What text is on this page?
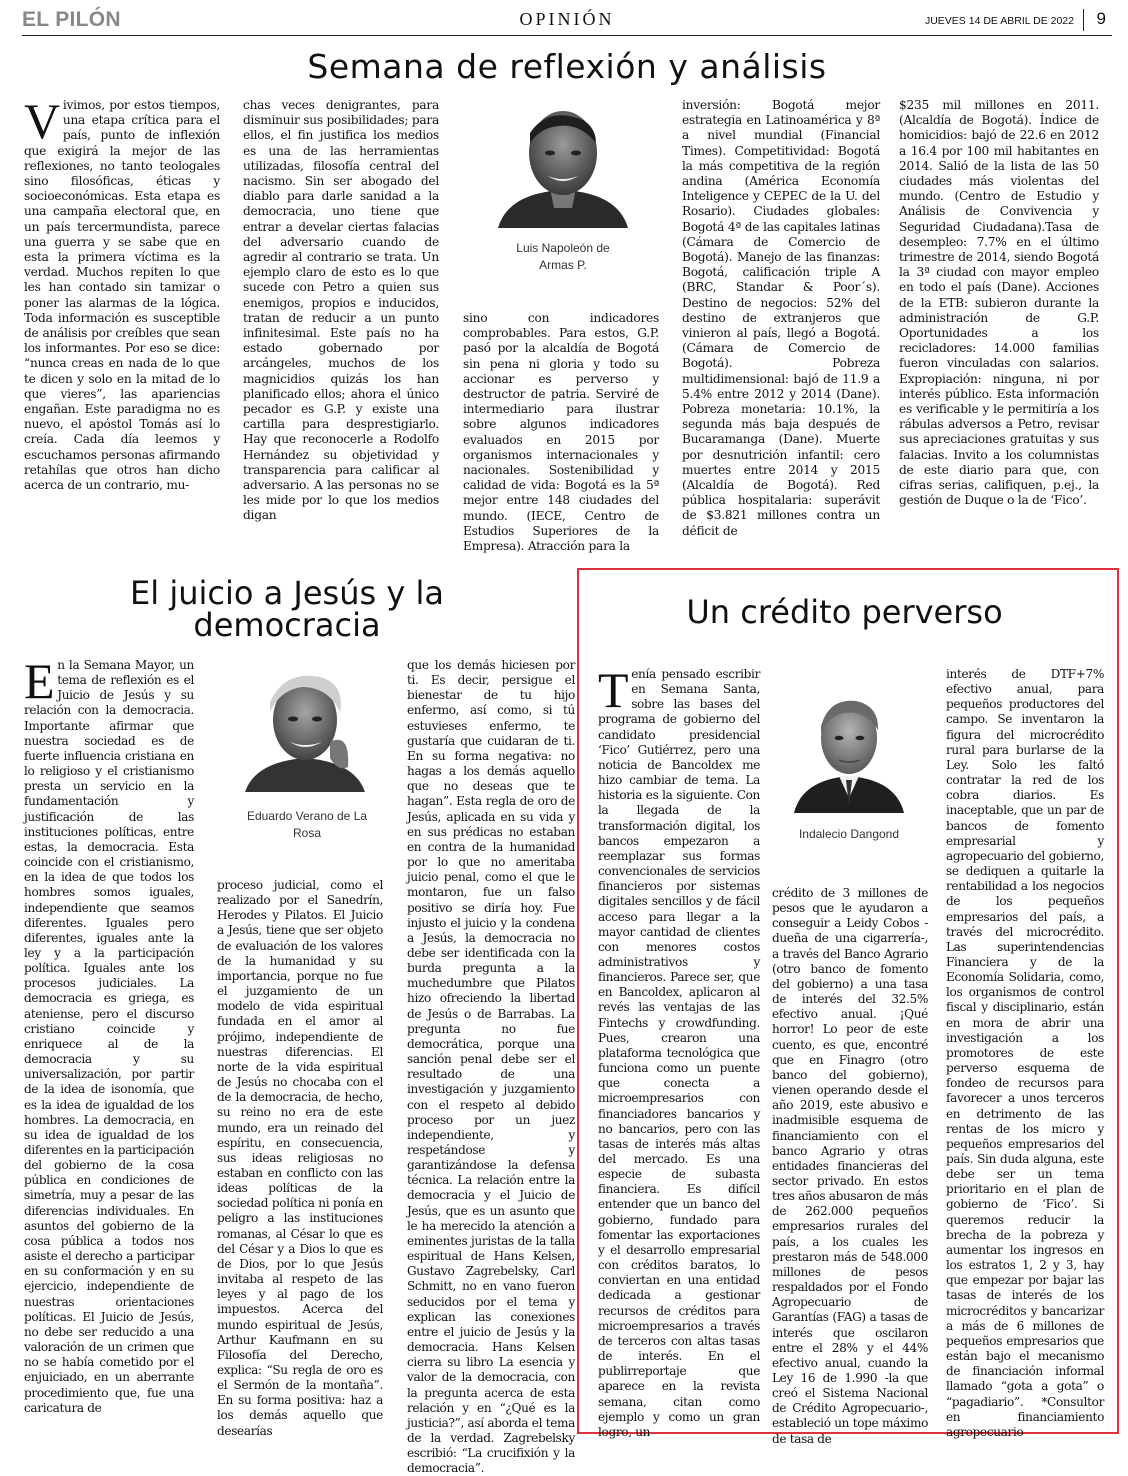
EL PILÓN	OPINIÓN	JUEVES 14 DE ABRIL DE 2022 9
Semana de reflexión y análisis
Vivimos, por estos tiempos, una etapa crítica para el país, punto de inflexión que exigirá la mejor de las reflexiones, no tanto teologales sino filosóficas, éticas y socioeconómicas. Esta etapa es una campaña electoral que, en un país tercermundista, parece una guerra y se sabe que en esta la primera víctima es la verdad. Muchos repiten lo que les han contado sin tamizar o poner las alarmas de la lógica. Toda información es susceptible de análisis por creíbles que sean los informantes. Por eso se dice: “nunca creas en nada de lo que te dicen y solo en la mitad de lo que vieres”, las apariencias engañan. Este paradigma no es nuevo, el apóstol Tomás así lo creía. Cada día leemos y escuchamos personas afirmando retahílas que otros han dicho acerca de un contrario, mu-
chas veces denigrantes, para disminuir sus posibilidades; para ellos, el fin justifica los medios es una de las herramientas utilizadas, filosofía central del nacismo. Sin ser abogado del diablo para darle sanidad a la democracia, uno tiene que entrar a develar ciertas falacias del adversario cuando de agredir al contrario se trata. Un ejemplo claro de esto es lo que sucede con Petro a quien sus enemigos, propios e inducidos, tratan de reducir a un punto infinitesimal. Este país no ha estado gobernado por arcángeles, muchos de los magnicidios quizás los han planificado ellos; ahora el único pecador es G.P. y existe una cartilla para desprestigiarlo. Hay que reconocerle a Rodolfo Hernández su objetividad y transparencia para calificar al adversario. A las personas no se les mide por lo que los medios digan
Luis Napoleón de
Armas P.
sino con indicadores comprobables. Para estos, G.P. pasó por la alcaldía de Bogotá sin pena ni gloria y todo su accionar es perverso y destructor de patria. Serviré de intermediario para ilustrar sobre algunos indicadores evaluados en 2015 por organismos internacionales y nacionales. Sostenibilidad y calidad de vida: Bogotá es la 5ª mejor entre 148 ciudades del mundo. (IECE, Centro de Estudios Superiores de la Empresa). Atracción para la
inversión: Bogotá mejor estrategia en Latinoamérica y 8ª a nivel mundial (Financial Times). Competitividad: Bogotá la más competitiva de la región andina (América Economía Inteligence y CEPEC de la U. del Rosario). Ciudades globales: Bogotá 4ª de las capitales latinas (Cámara de Comercio de Bogotá). Manejo de las finanzas: Bogotá, calificación triple A (BRC, Standar & Poor´s). Destino de negocios: 52% del destino de extranjeros que vinieron al país, llegó a Bogotá. (Cámara de Comercio de Bogotá). Pobreza multidimensional: bajó de 11.9 a 5.4% entre 2012 y 2014 (Dane). Pobreza monetaria: 10.1%, la segunda más baja después de Bucaramanga (Dane). Muerte por desnutrición infantil: cero muertes entre 2014 y 2015 (Alcaldía de Bogotá). Red pública hospitalaria: superávit de $3.821 millones contra un déficit de
$235 mil millones en 2011. (Alcaldía de Bogotá). Índice de homicidios: bajó de 22.6 en 2012 a 16.4 por 100 mil habitantes en 2014. Salió de la lista de las 50 ciudades más violentas del mundo. (Centro de Estudio y Análisis de Convivencia y Seguridad Ciudadana).Tasa de desempleo: 7.7% en el último trimestre de 2014, siendo Bogotá la 3ª ciudad con mayor empleo en todo el país (Dane). Acciones de la ETB: subieron durante la administración de G.P. Oportunidades a los recicladores: 14.000 familias fueron vinculadas con salarios. Expropiación: ninguna, ni por interés público. Esta información es verificable y le permitiría a los rábulas adversos a Petro, revisar sus apreciaciones gratuitas y sus falacias. Invito a los columnistas de este diario para que, con cifras serias, califiquen, p.ej., la gestión de Duque o la de ‘Fico’.
El juicio a Jesús y la
democracia
En la Semana Mayor, un tema de reflexión es el Juicio de Jesús y su relación con la democracia. Importante afirmar que nuestra sociedad es de fuerte influencia cristiana en lo religioso y el cristianismo presta un servicio en la fundamentación y justificación de las instituciones políticas, entre estas, la democracia. Esta coincide con el cristianismo, en la idea de que todos los hombres somos iguales, independiente que seamos diferentes. Iguales pero diferentes, iguales ante la ley y a la participación política. Iguales ante los procesos judiciales. La democracia es griega, es ateniense, pero el discurso cristiano coincide y enriquece al de la democracia y su universalización, por partir de la idea de isonomía, que es la idea de igualdad de los hombres. La democracia, en su idea de igualdad de los diferentes en la participación del gobierno de la cosa pública en condiciones de simetría, muy a pesar de las diferencias individuales. En asuntos del gobierno de la cosa pública a todos nos asiste el derecho a participar en su conformación y en su ejercicio, independiente de nuestras orientaciones políticas. El Juicio de Jesús, no debe ser reducido a una valoración de un crimen que no se había cometido por el enjuiciado, en un aberrante procedimiento que, fue una caricatura de
Eduardo Verano de La
Rosa
proceso judicial, como el realizado por el Sanedrín, Herodes y Pilatos. El Juicio a Jesús, tiene que ser objeto de evaluación de los valores de la humanidad y su importancia, porque no fue el juzgamiento de un modelo de vida espiritual fundada en el amor al prójimo, independiente de nuestras diferencias. El norte de la vida espiritual de Jesús no chocaba con el de la democracia, de hecho, su reino no era de este mundo, era un reinado del espíritu, en consecuencia, sus ideas religiosas no estaban en conflicto con las ideas políticas de la sociedad política ni ponía en peligro a las instituciones romanas, al César lo que es del César y a Dios lo que es de Dios, por lo que Jesús invitaba al respeto de las leyes y al pago de los impuestos. Acerca del mundo espiritual de Jesús, Arthur Kaufmann en su Filosofía del Derecho, explica: “Su regla de oro es el Sermón de la montaña”. En su forma positiva: haz a los demás aquello que desearías
que los demás hiciesen por ti. Es decir, persigue el bienestar de tu hijo enfermo, así como, si tú estuvieses enfermo, te gustaría que cuidaran de ti. En su forma negativa: no hagas a los demás aquello que no deseas que te hagan”. Esta regla de oro de Jesús, aplicada en su vida y en sus prédicas no estaban en contra de la humanidad por lo que no ameritaba juicio penal, como el que le montaron, fue un falso positivo se diría hoy. Fue injusto el juicio y la condena a Jesús, la democracia no debe ser identificada con la burda pregunta a la muchedumbre que Pilatos hizo ofreciendo la libertad de Jesús o de Barrabas. La pregunta no fue democrática, porque una sanción penal debe ser el resultado de una investigación y juzgamiento con el respeto al debido proceso por un juez independiente, y respetándose y garantizándose la defensa técnica. La relación entre la democracia y el Juicio de Jesús, que es un asunto que le ha merecido la atención a eminentes juristas de la talla espiritual de Hans Kelsen, Gustavo Zagrebelsky, Carl Schmitt, no en vano fueron seducidos por el tema y explican las conexiones entre el juicio de Jesús y la democracia. Hans Kelsen cierra su libro La esencia y valor de la democracia, con la pregunta acerca de esta relación y en “¿Qué es la justicia?”, así aborda el tema de la verdad. Zagrebelsky escribió: “La crucifixión y la democracia”.
Un crédito perverso
Tenía pensado escribir en Semana Santa, sobre las bases del programa de gobierno del candidato presidencial ‘Fico’ Gutiérrez, pero una noticia de Bancoldex me hizo cambiar de tema. La historia es la siguiente. Con la llegada de la transformación digital, los bancos empezaron a reemplazar sus formas convencionales de servicios financieros por sistemas digitales sencillos y de fácil acceso para llegar a la mayor cantidad de clientes con menores costos administrativos y financieros. Parece ser, que en Bancoldex, aplicaron al revés las ventajas de las Fintechs y crowdfunding. Pues, crearon una plataforma tecnológica que funciona como un puente que conecta a microempresarios con financiadores bancarios y no bancarios, pero con las tasas de interés más altas del mercado. Es una especie de subasta financiera. Es difícil entender que un banco del gobierno, fundado para fomentar las exportaciones y el desarrollo empresarial con créditos baratos, lo conviertan en una entidad dedicada a gestionar recursos de créditos para microempresarios a través de terceros con altas tasas de interés. En el publirreportaje que aparece en la revista semana, citan como ejemplo y como un gran logro, un
Indalecio Dangond
crédito de 3 millones de pesos que le ayudaron a conseguir a Leidy Cobos -dueña de una cigarrería-, a través del Banco Agrario (otro banco de fomento del gobierno) a una tasa de interés del 32.5% efectivo anual. ¡Qué horror! Lo peor de este cuento, es que, encontré que en Finagro (otro banco del gobierno), vienen operando desde el año 2019, este abusivo e inadmisible esquema de financiamiento con el banco Agrario y otras entidades financieras del sector privado. En estos tres años abusaron de más de 262.000 pequeños empresarios rurales del país, a los cuales les prestaron más de 548.000 millones de pesos respaldados por el Fondo Agropecuario de Garantías (FAG) a tasas de interés que oscilaron entre el 28% y el 44% efectivo anual, cuando la Ley 16 de 1.990 -la que creó el Sistema Nacional de Crédito Agropecuario-, estableció un tope máximo de tasa de
interés de DTF+7% efectivo anual, para pequeños productores del campo. Se inventaron la figura del microcrédito rural para burlarse de la Ley. Solo les faltó contratar la red de los cobra diarios. Es inaceptable, que un par de bancos de fomento empresarial y agropecuario del gobierno, se dediquen a quitarle la rentabilidad a los negocios de los pequeños empresarios del país, a través del microcrédito. Las superintendencias Financiera y de la Economía Solidaria, como, los organismos de control fiscal y disciplinario, están en mora de abrir una investigación a los promotores de este perverso esquema de fondeo de recursos para favorecer a unos terceros en detrimento de las rentas de los micro y pequeños empresarios del país. Sin duda alguna, este debe ser un tema prioritario en el plan de gobierno de ‘Fico’. Si queremos reducir la brecha de la pobreza y aumentar los ingresos en los estratos 1, 2 y 3, hay que empezar por bajar las tasas de interés de los microcréditos y bancarizar a más de 6 millones de pequeños empresarios que están bajo el mecanismo de financiación informal llamado “gota a gota” o “pagadiario”. *Consultor en financiamiento agropecuario
